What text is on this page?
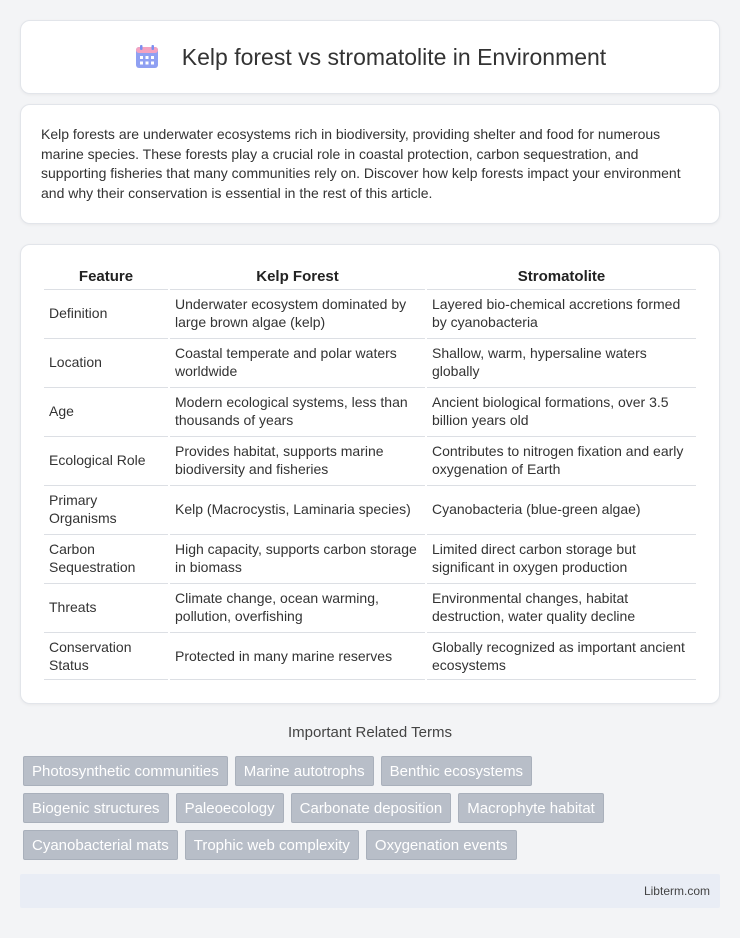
Kelp forest vs stromatolite in Environment

Kelp forests are underwater ecosystems rich in biodiversity, providing shelter and food for numerous marine species. These forests play a crucial role in coastal protection, carbon sequestration, and supporting fisheries that many communities rely on. Discover how kelp forests impact your environment and why their conservation is essential in the rest of this article.

Feature	Kelp Forest	Stromatolite
Definition	Underwater ecosystem dominated by large brown algae (kelp)	Layered bio-chemical accretions formed by cyanobacteria
Location	Coastal temperate and polar waters worldwide	Shallow, warm, hypersaline waters globally
Age	Modern ecological systems, less than thousands of years	Ancient biological formations, over 3.5 billion years old
Ecological Role	Provides habitat, supports marine biodiversity and fisheries	Contributes to nitrogen fixation and early oxygenation of Earth
Primary Organisms	Kelp (Macrocystis, Laminaria species)	Cyanobacteria (blue-green algae)
Carbon Sequestration	High capacity, supports carbon storage in biomass	Limited direct carbon storage but significant in oxygen production
Threats	Climate change, ocean warming, pollution, overfishing	Environmental changes, habitat destruction, water quality decline
Conservation Status	Protected in many marine reserves	Globally recognized as important ancient ecosystems
Important Related Terms
Photosynthetic communities	Marine autotrophs	Benthic ecosystems
Biogenic structures	Paleoecology	Carbonate deposition	Macrophyte habitat
Cyanobacterial mats	Trophic web complexity	Oxygenation events
Libterm.com
